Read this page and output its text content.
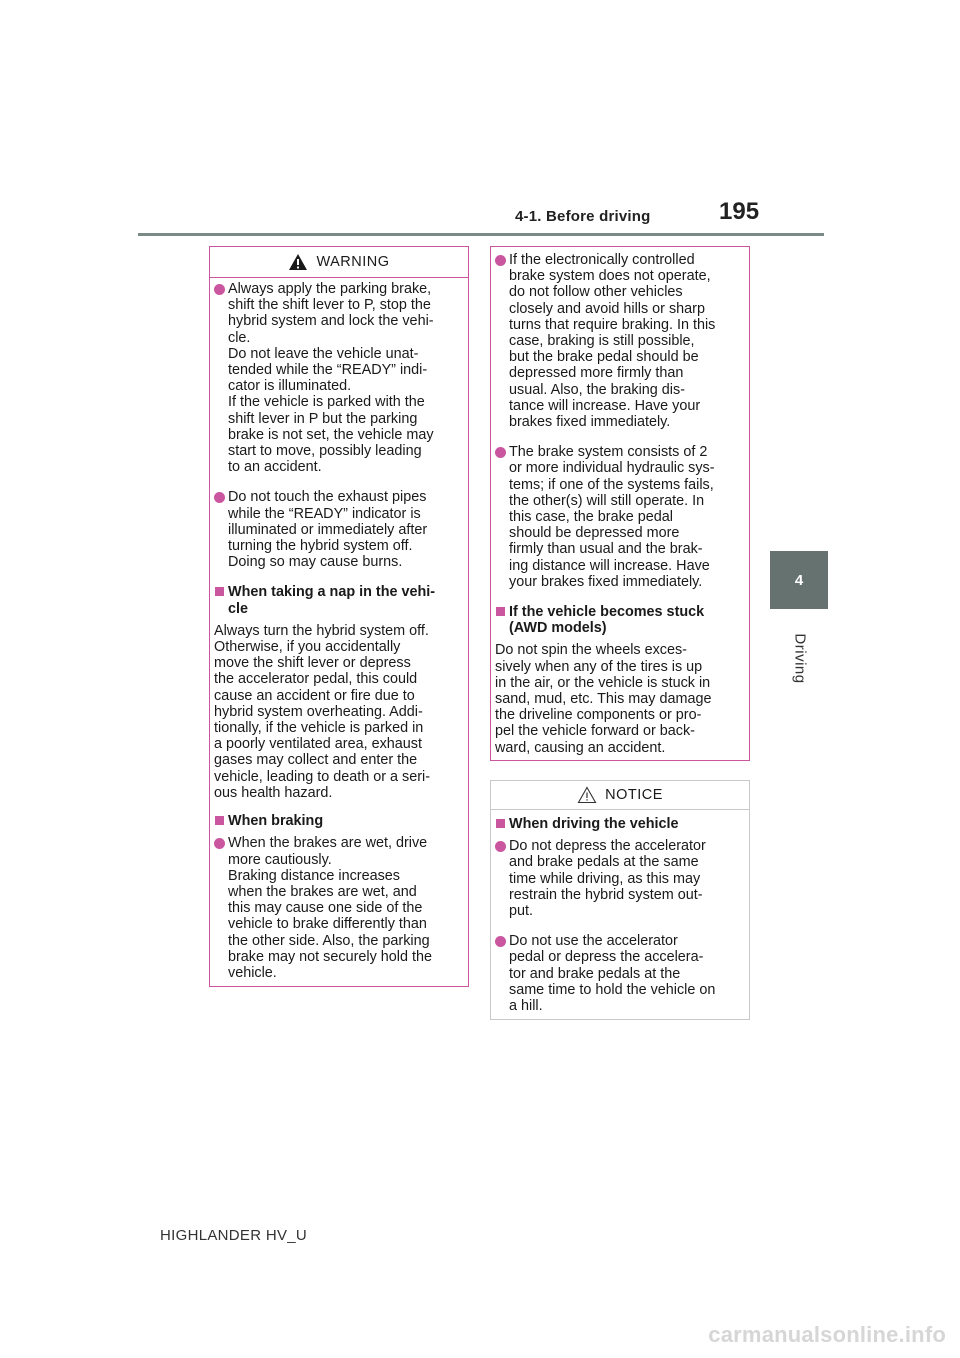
4-1. Before driving	195
4
Driving
WARNING
Always apply the parking brake,
shift the shift lever to P, stop the
hybrid system and lock the vehi-
cle.
Do not leave the vehicle unat-
tended while the “READY” indi-
cator is illuminated.
If the vehicle is parked with the
shift lever in P but the parking
brake is not set, the vehicle may
start to move, possibly leading
to an accident.
Do not touch the exhaust pipes
while the “READY” indicator is
illuminated or immediately after
turning the hybrid system off.
Doing so may cause burns.
When taking a nap in the vehi-
cle
Always turn the hybrid system off.
Otherwise, if you accidentally
move the shift lever or depress
the accelerator pedal, this could
cause an accident or fire due to
hybrid system overheating. Addi-
tionally, if the vehicle is parked in
a poorly ventilated area, exhaust
gases may collect and enter the
vehicle, leading to death or a seri-
ous health hazard.
When braking
When the brakes are wet, drive
more cautiously.
Braking distance increases
when the brakes are wet, and
this may cause one side of the
vehicle to brake differently than
the other side. Also, the parking
brake may not securely hold the
vehicle.
If the electronically controlled
brake system does not operate,
do not follow other vehicles
closely and avoid hills or sharp
turns that require braking. In this
case, braking is still possible,
but the brake pedal should be
depressed more firmly than
usual. Also, the braking dis-
tance will increase. Have your
brakes fixed immediately.
The brake system consists of 2
or more individual hydraulic sys-
tems; if one of the systems fails,
the other(s) will still operate. In
this case, the brake pedal
should be depressed more
firmly than usual and the brak-
ing distance will increase. Have
your brakes fixed immediately.
If the vehicle becomes stuck
(AWD models)
Do not spin the wheels exces-
sively when any of the tires is up
in the air, or the vehicle is stuck in
sand, mud, etc. This may damage
the driveline components or pro-
pel the vehicle forward or back-
ward, causing an accident.
NOTICE
When driving the vehicle
Do not depress the accelerator
and brake pedals at the same
time while driving, as this may
restrain the hybrid system out-
put.
Do not use the accelerator
pedal or depress the accelera-
tor and brake pedals at the
same time to hold the vehicle on
a hill.
HIGHLANDER HV_U
carmanualsonline.info
